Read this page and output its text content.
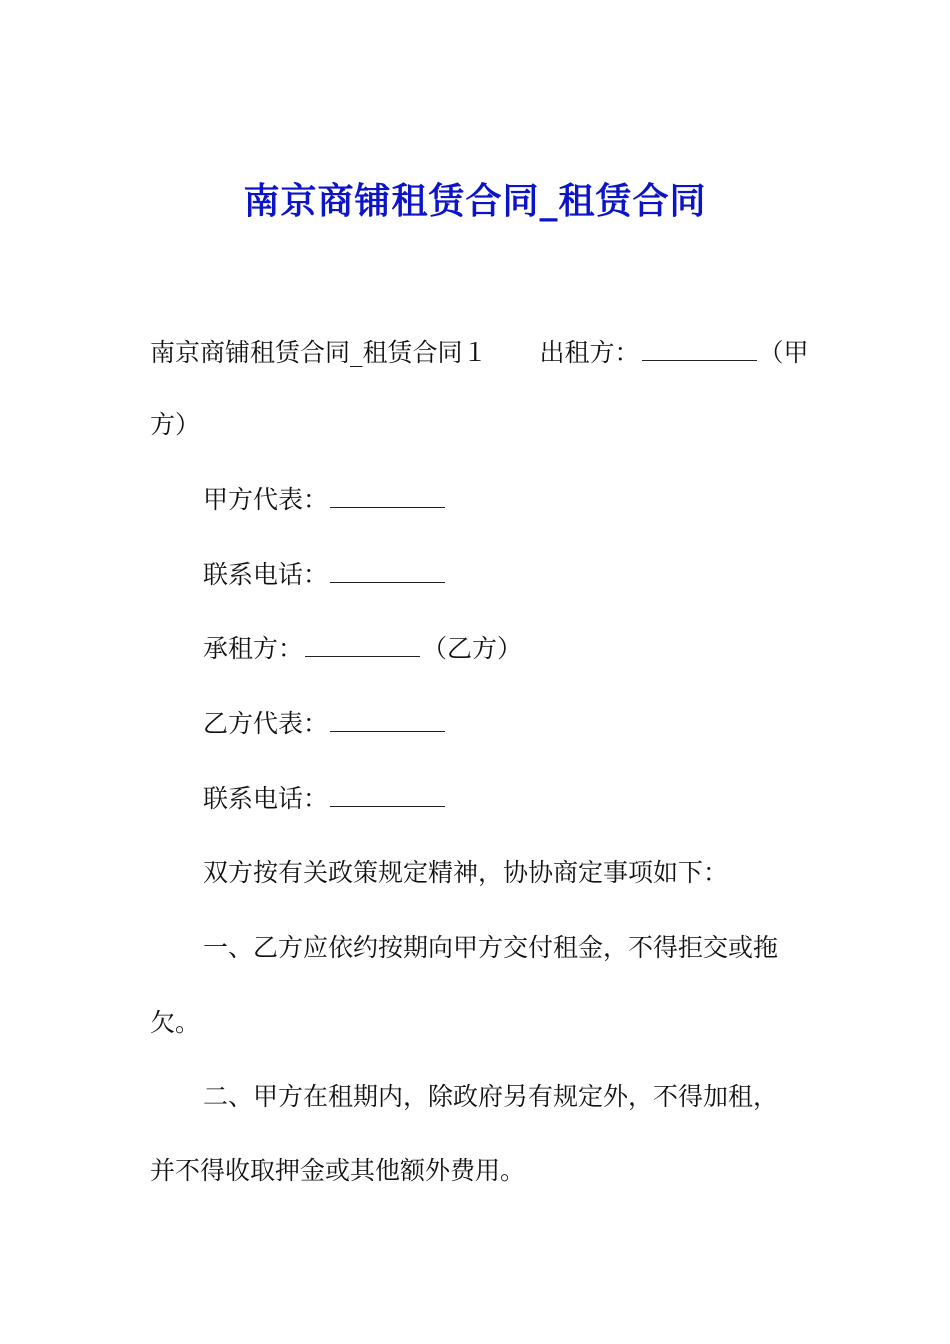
南京商铺租赁合同_租赁合同
南京商铺租赁合同_租赁合同１ 出租方：	（甲
方）
甲方代表：
联系电话：
承租方：	（乙方）
乙方代表：
联系电话：
双方按有关政策规定精神，协协商定事项如下：
一、乙方应依约按期向甲方交付租金，不得拒交或拖
欠。
二、甲方在租期内，除政府另有规定外，不得加租，
并不得收取押金或其他额外费用。
